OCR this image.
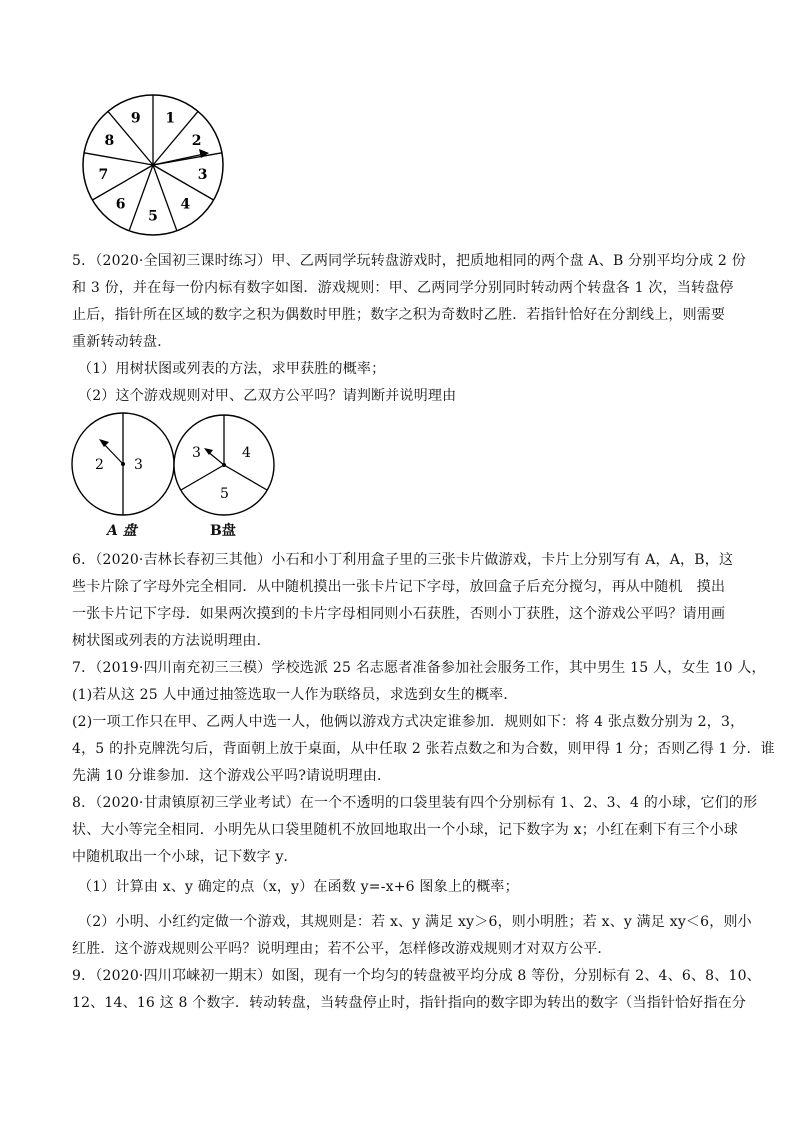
1
2
3
4
5
6
7
8
9
2 3
A 盘
3	4
5
B盘
5．（2020·全国初三课时练习）甲、乙两同学玩转盘游戏时，把质地相同的两个盘 A、B 分别平均分成 2 份
和 3 份，并在每一份内标有数字如图．游戏规则：甲、乙两同学分别同时转动两个转盘各 1 次，当转盘停
止后，指针所在区域的数字之积为偶数时甲胜；数字之积为奇数时乙胜．若指针恰好在分割线上，则需要
重新转动转盘．
（1）用树状图或列表的方法，求甲获胜的概率；
（2）这个游戏规则对甲、乙双方公平吗？请判断并说明理由
6．（2020·吉林长春初三其他）小石和小丁利用盒子里的三张卡片做游戏，卡片上分别写有 A，A，B，这
些卡片除了字母外完全相同．从中随机摸出一张卡片记下字母，放回盒子后充分搅匀，再从中随机　摸出
一张卡片记下字母．如果两次摸到的卡片字母相同则小石获胜，否则小丁获胜，这个游戏公平吗？请用画
树状图或列表的方法说明理由．
7．（2019·四川南充初三三模）学校选派 25 名志愿者准备参加社会服务工作，其中男生 15 人，女生 10 人，
(1)若从这 25 人中通过抽签选取一人作为联络员，求选到女生的概率．
(2)一项工作只在甲、乙两人中选一人，他俩以游戏方式决定谁参加．规则如下：将 4 张点数分别为 2，3，
4，5 的扑克牌洗匀后，背面朝上放于桌面，从中任取 2 张若点数之和为合数，则甲得 1 分；否则乙得 1 分．谁
先满 10 分谁参加．这个游戏公平吗?请说明理由．
8．（2020·甘肃镇原初三学业考试）在一个不透明的口袋里装有四个分别标有 1、2、3、4 的小球，它们的形
状、大小等完全相同．小明先从口袋里随机不放回地取出一个小球，记下数字为 x；小红在剩下有三个小球
中随机取出一个小球，记下数字 y．
（1）计算由 x、y 确定的点（x，y）在函数 y=-x+6 图象上的概率；
（2）小明、小红约定做一个游戏，其规则是：若 x、y 满足 xy＞6，则小明胜；若 x、y 满足 xy＜6，则小
红胜．这个游戏规则公平吗？说明理由；若不公平，怎样修改游戏规则才对双方公平．
9．（2020·四川邛崃初一期末）如图，现有一个均匀的转盘被平均分成 8 等份，分别标有 2、4、6、8、10、
12、14、16 这 8 个数字．转动转盘，当转盘停止时，指针指向的数字即为转出的数字（当指针恰好指在分
